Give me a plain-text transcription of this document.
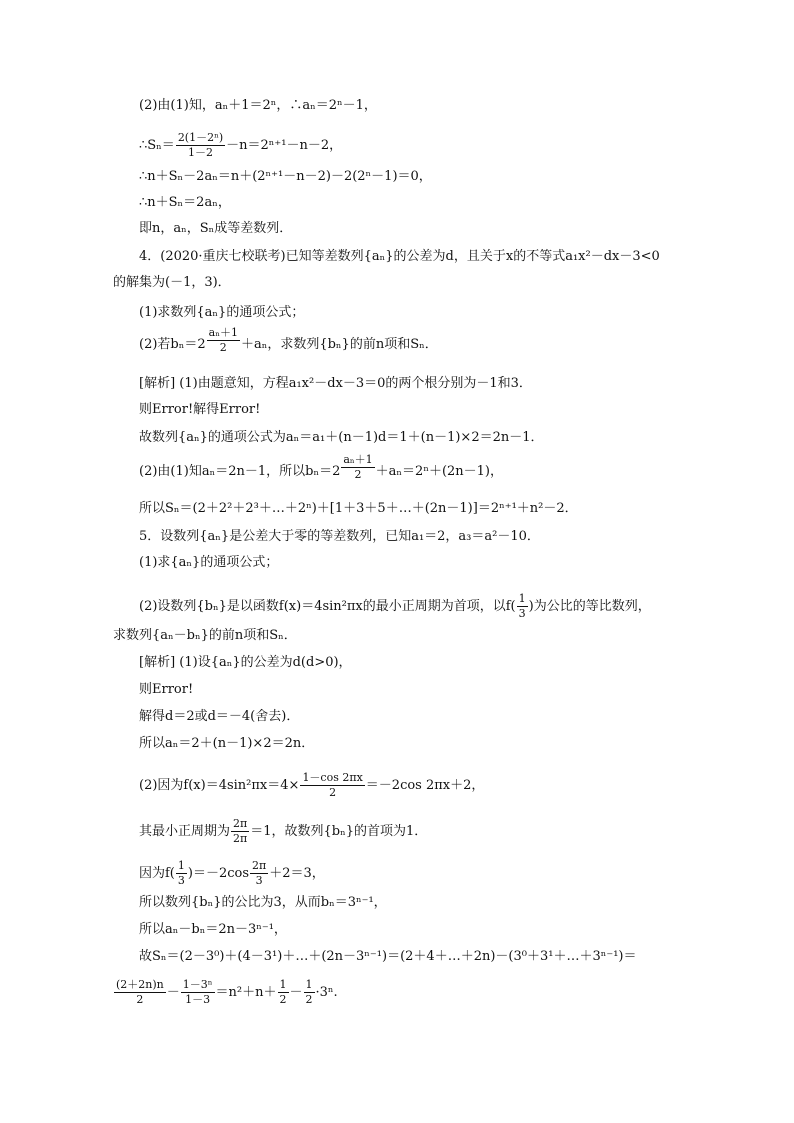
(2)由(1)知，aₙ＋1＝2ⁿ，∴aₙ＝2ⁿ－1，
∴Sₙ＝ $\frac{\text{2(1－2ⁿ)}}{1-2} -n=2^{n+1}-n-2$，
∴n＋Sₙ－2aₙ＝n＋(2ⁿ⁺¹－n－2)－2(2ⁿ－1)＝0，
∴n＋Sₙ＝2aₙ，
即n，aₙ，Sₙ成等差数列．
4．(2020·重庆七校联考)已知等差数列{aₙ}的公差为d，且关于x的不等式a₁x²－dx－3<0
的解集为(－1，3)．
(1)求数列{aₙ}的通项公式；
(2)若$b_n=2 \frac{\text{aₙ＋1}}{2} +a_n$，求数列{bₙ}的前n项和Sₙ．
[解析] (1)由题意知，方程a₁x²－dx－3＝0的两个根分别为－1和3．
则Error!解得Error!
故数列{aₙ}的通项公式为aₙ＝a₁＋(n－1)d＝1＋(n－1)×2＝2n－1．
(2)由(1)知aₙ＝2n－1，所以$b_n=2 \frac{\text{aₙ＋1}}{2} +a_n=2^n+(2n-1)$，
所以Sₙ＝(2＋2²＋2³＋…＋2ⁿ)＋[1＋3＋5＋…＋(2n－1)]＝2ⁿ⁺¹＋n²－2．
5．设数列{aₙ}是公差大于零的等差数列，已知a₁＝2，a₃＝a²－10．
(1)求{aₙ}的通项公式；
(2)设数列{bₙ}是以函数f(x)＝4sin²πx的最小正周期为首项，以$f( \frac{1}{3}$ )为公比的等比数列，
求数列{aₙ－bₙ}的前n项和Sₙ．
[解析] (1)设{aₙ}的公差为d(d>0)，
则Error!
解得d＝2或d＝－4(舍去)．
所以aₙ＝2＋(n－1)×2＝2n．
(2)因为$f(x)=4\sin^2\pi x=4\times \frac{1-\cos 2\pi x}{2} =-2\cos$ 2πx＋2，
其最小正周期为 $\frac{2\pi}{2\pi} =1$，故数列{bₙ}的首项为1．
因为$f( \frac{1}{3} )=-2\cos \frac{2\pi}{3} +2=3$，
所以数列{bₙ}的公比为3，从而bₙ＝3ⁿ⁻¹，
所以aₙ－bₙ＝2n－3ⁿ⁻¹，
故Sₙ＝(2－3⁰)＋(4－3¹)＋…＋(2n－3ⁿ⁻¹)＝(2＋4＋…＋2n)－(3⁰＋3¹＋…＋3ⁿ⁻¹)＝
$\frac{(2+2n)n}{2} - \frac{\text{1－3ⁿ}}{1-3} =n^2+n+ \frac{1}{2} - \frac{1}{2} \cdot 3^n$.
